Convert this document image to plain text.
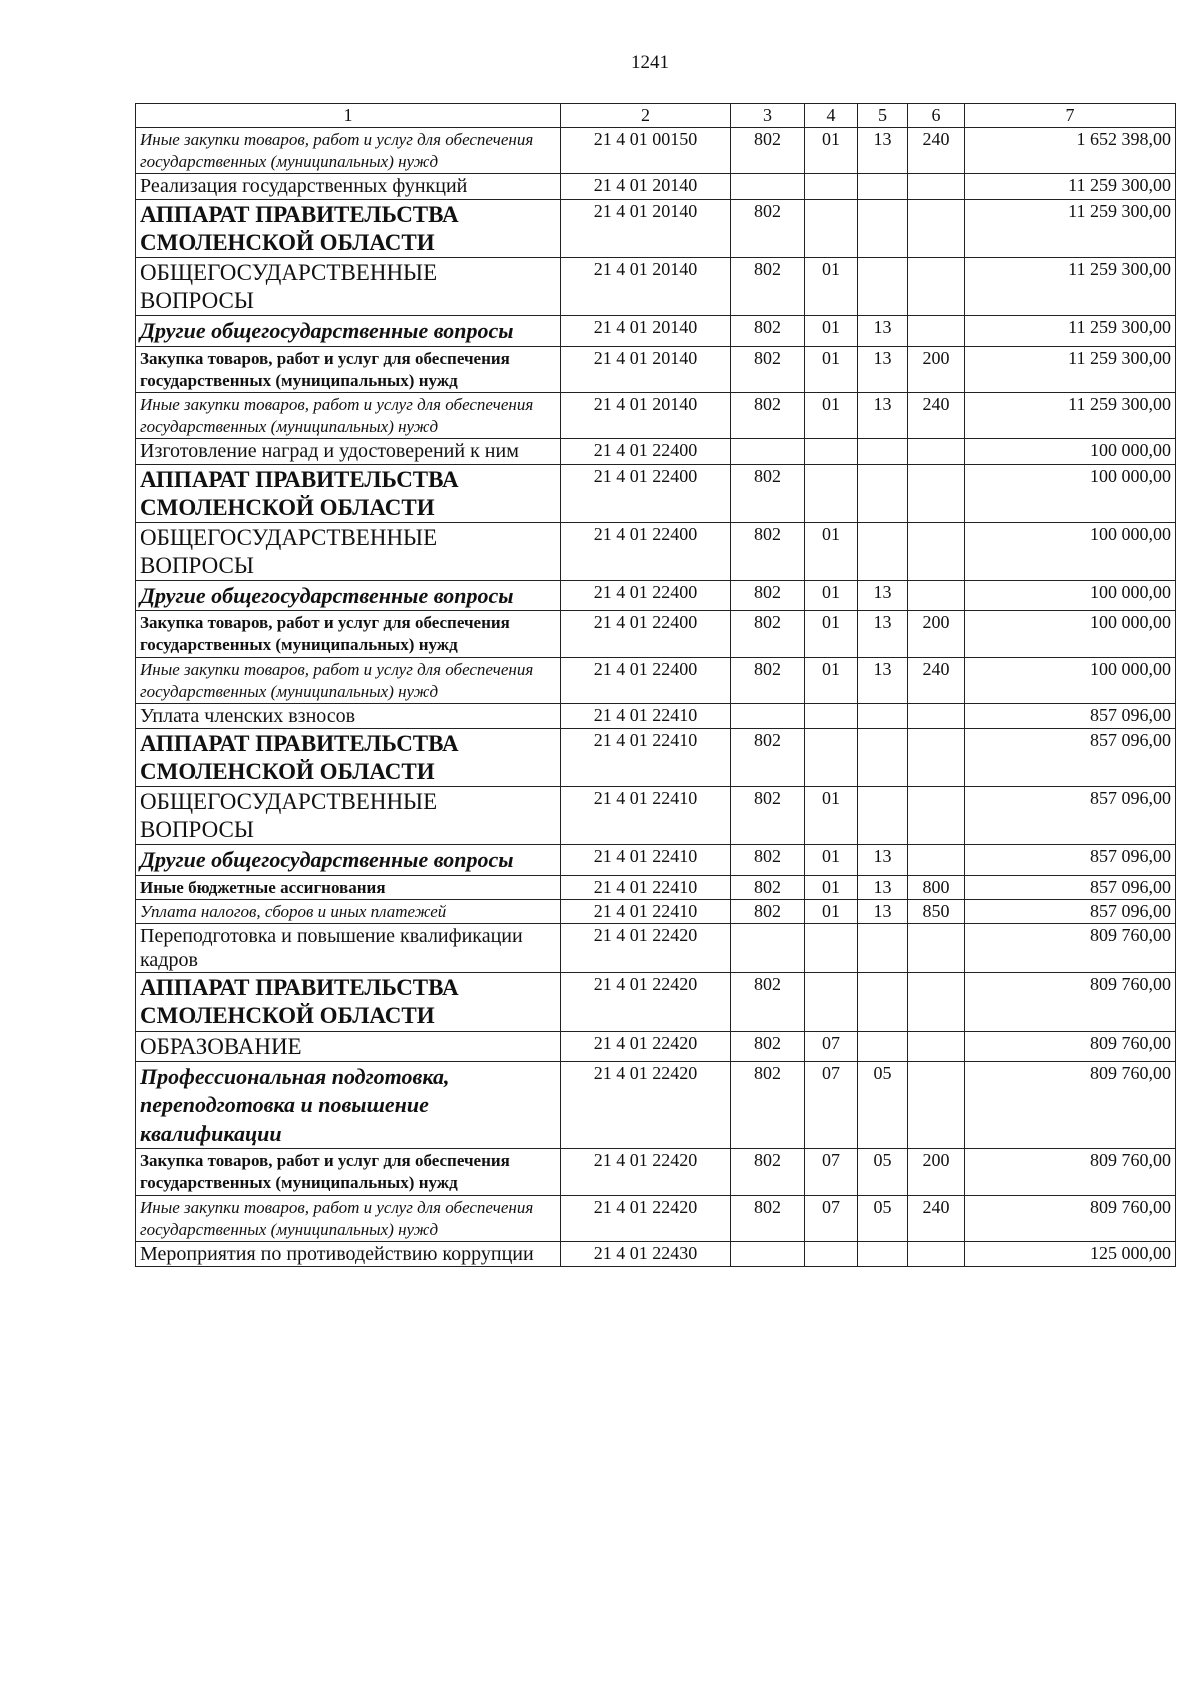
1241
1	2	3	4	5	6	7
Иные закупки товаров, работ и услуг для обеспечения государственных (муниципальных) нужд	21 4 01 00150	802	01	13	240	1 652 398,00
Реализация государственных функций	21 4 01 20140					11 259 300,00
АППАРАТ ПРАВИТЕЛЬСТВА СМОЛЕНСКОЙ ОБЛАСТИ	21 4 01 20140	802				11 259 300,00
ОБЩЕГОСУДАРСТВЕННЫЕ ВОПРОСЫ	21 4 01 20140	802	01			11 259 300,00
Другие общегосударственные вопросы	21 4 01 20140	802	01	13		11 259 300,00
Закупка товаров, работ и услуг для обеспечения государственных (муниципальных) нужд	21 4 01 20140	802	01	13	200	11 259 300,00
Иные закупки товаров, работ и услуг для обеспечения государственных (муниципальных) нужд	21 4 01 20140	802	01	13	240	11 259 300,00
Изготовление наград и удостоверений к ним	21 4 01 22400					100 000,00
АППАРАТ ПРАВИТЕЛЬСТВА СМОЛЕНСКОЙ ОБЛАСТИ	21 4 01 22400	802				100 000,00
ОБЩЕГОСУДАРСТВЕННЫЕ ВОПРОСЫ	21 4 01 22400	802	01			100 000,00
Другие общегосударственные вопросы	21 4 01 22400	802	01	13		100 000,00
Закупка товаров, работ и услуг для обеспечения государственных (муниципальных) нужд	21 4 01 22400	802	01	13	200	100 000,00
Иные закупки товаров, работ и услуг для обеспечения государственных (муниципальных) нужд	21 4 01 22400	802	01	13	240	100 000,00
Уплата членских взносов	21 4 01 22410					857 096,00
АППАРАТ ПРАВИТЕЛЬСТВА СМОЛЕНСКОЙ ОБЛАСТИ	21 4 01 22410	802				857 096,00
ОБЩЕГОСУДАРСТВЕННЫЕ ВОПРОСЫ	21 4 01 22410	802	01			857 096,00
Другие общегосударственные вопросы	21 4 01 22410	802	01	13		857 096,00
Иные бюджетные ассигнования	21 4 01 22410	802	01	13	800	857 096,00
Уплата налогов, сборов и иных платежей	21 4 01 22410	802	01	13	850	857 096,00
Переподготовка и повышение квалификации кадров	21 4 01 22420					809 760,00
АППАРАТ ПРАВИТЕЛЬСТВА СМОЛЕНСКОЙ ОБЛАСТИ	21 4 01 22420	802				809 760,00
ОБРАЗОВАНИЕ	21 4 01 22420	802	07			809 760,00
Профессиональная подготовка, переподготовка и повышение квалификации	21 4 01 22420	802	07	05		809 760,00
Закупка товаров, работ и услуг для обеспечения государственных (муниципальных) нужд	21 4 01 22420	802	07	05	200	809 760,00
Иные закупки товаров, работ и услуг для обеспечения государственных (муниципальных) нужд	21 4 01 22420	802	07	05	240	809 760,00
Мероприятия по противодействию коррупции	21 4 01 22430					125 000,00
